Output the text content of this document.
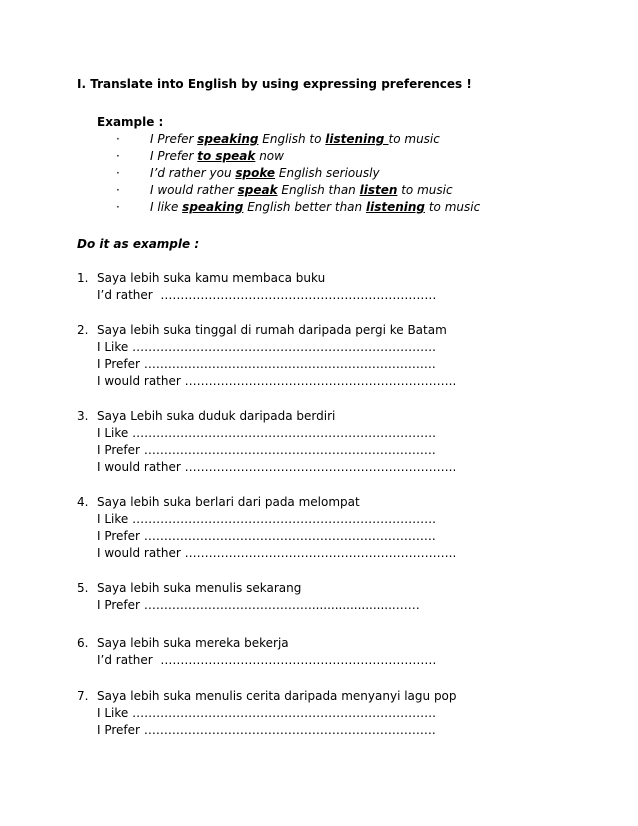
I. Translate into English by using expressing preferences !
Example :
·	I Prefer speaking English to listening to music
·	I Prefer to speak now
·	I’d rather you spoke English seriously
·	I would rather speak English than listen to music
·	I like speaking English better than listening to music
Do it as example :
1. Saya lebih suka kamu membaca buku
I’d rather ……………………………………………………………
2. Saya lebih suka tinggal di rumah daripada pergi ke Batam
I Like ………………………………………………………………….
I Prefer ……………………………………………………………….
I would rather …………………………………………………………..
3. Saya Lebih suka duduk daripada berdiri
I Like ………………………………………………………………….
I Prefer ……………………………………………………………….
I would rather …………………………………………………………..
4. Saya lebih suka berlari dari pada melompat
I Like ………………………………………………………………….
I Prefer ……………………………………………………………….
I would rather …………………………………………………………..
5. Saya lebih suka menulis sekarang
I Prefer ……………………………………......................……
6. Saya lebih suka mereka bekerja
I’d rather ……………………………………………………………
7. Saya lebih suka menulis cerita daripada menyanyi lagu pop
I Like ………………………………………………………………….
I Prefer ……………………………………………………………….
